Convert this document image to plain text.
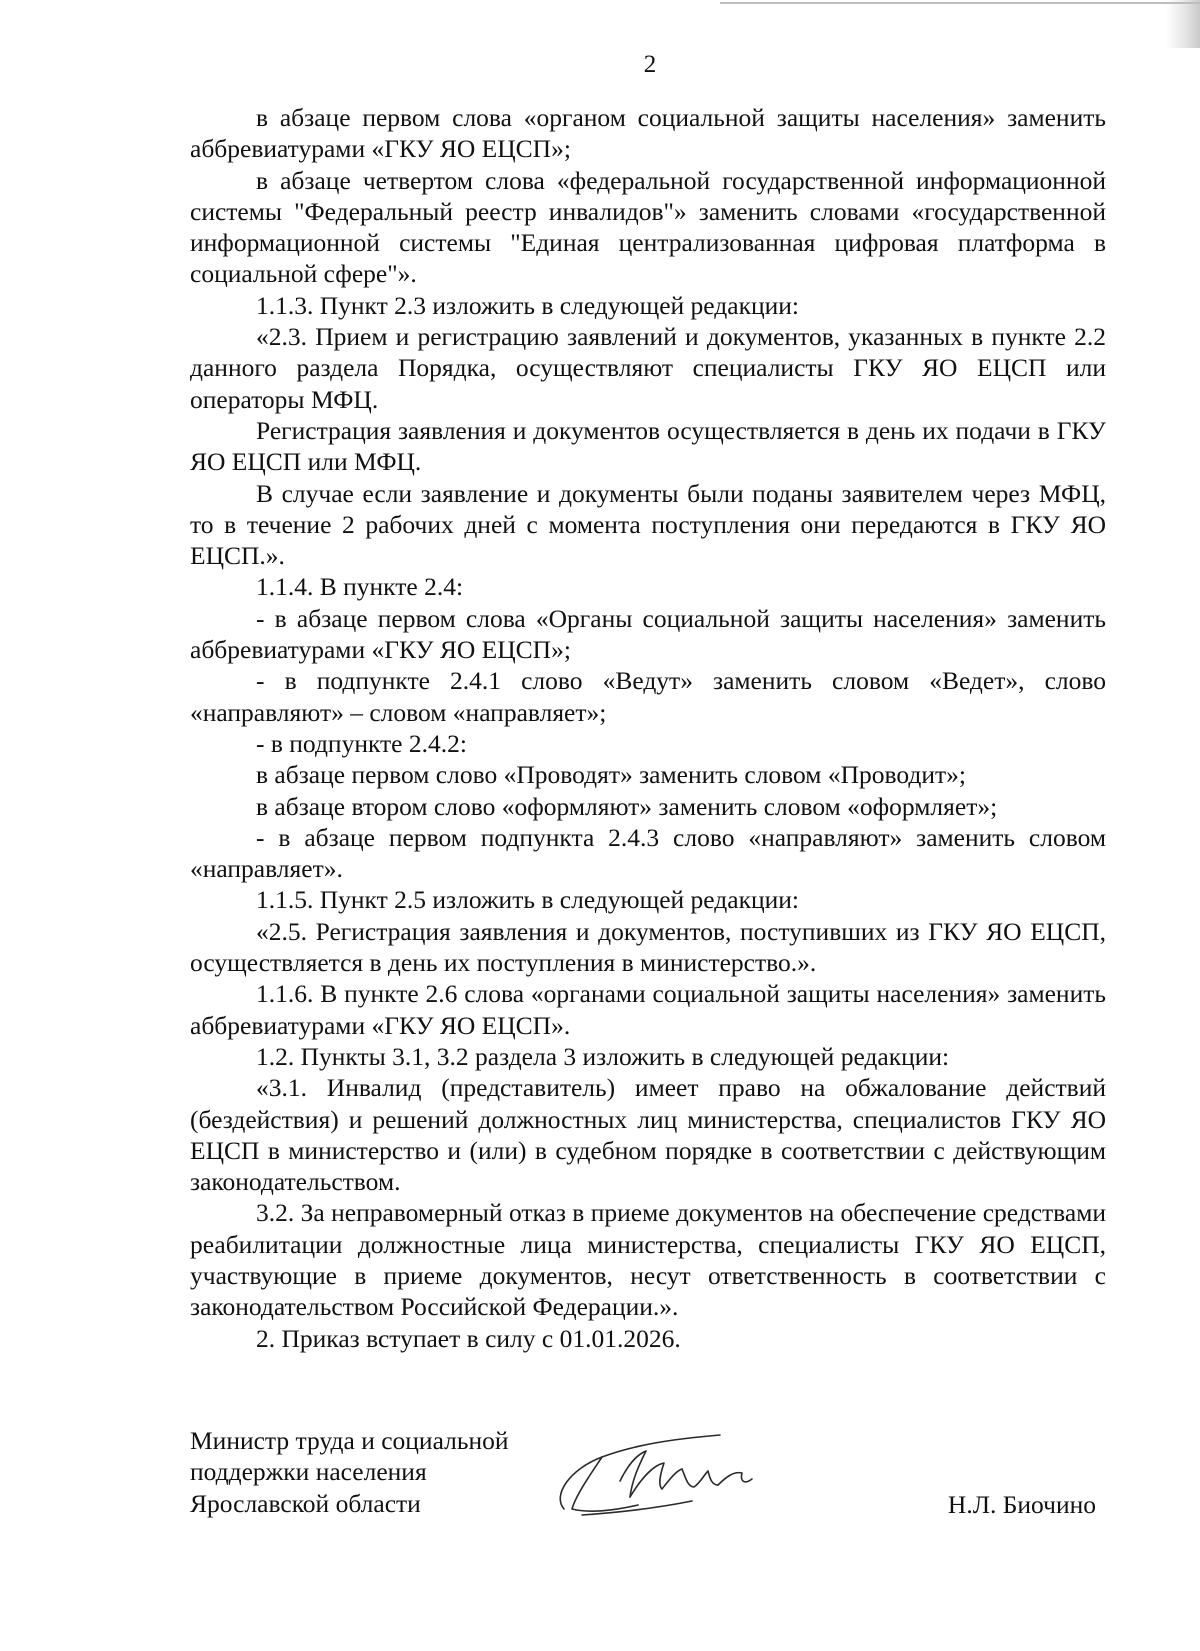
2

в абзаце первом слова «органом социальной защиты населения» заменить аббревиатурами «ГКУ ЯО ЕЦСП»;

в абзаце четвертом слова «федеральной государственной информационной системы "Федеральный реестр инвалидов"» заменить словами «государственной информационной системы "Единая централизованная цифровая платформа в социальной сфере"».

1.1.3. Пункт 2.3 изложить в следующей редакции:

«2.3. Прием и регистрацию заявлений и документов, указанных в пункте 2.2 данного раздела Порядка, осуществляют специалисты ГКУ ЯО ЕЦСП или операторы МФЦ.

Регистрация заявления и документов осуществляется в день их подачи в ГКУ ЯО ЕЦСП или МФЦ.

В случае если заявление и документы были поданы заявителем через МФЦ, то в течение 2 рабочих дней с момента поступления они передаются в ГКУ ЯО ЕЦСП.».

1.1.4. В пункте 2.4:

- в абзаце первом слова «Органы социальной защиты населения» заменить аббревиатурами «ГКУ ЯО ЕЦСП»;

- в подпункте 2.4.1 слово «Ведут» заменить словом «Ведет», слово «направляют» – словом «направляет»;

- в подпункте 2.4.2:

в абзаце первом слово «Проводят» заменить словом «Проводит»;

в абзаце втором слово «оформляют» заменить словом «оформляет»;

- в абзаце первом подпункта 2.4.3 слово «направляют» заменить словом «направляет».

1.1.5. Пункт 2.5 изложить в следующей редакции:

«2.5. Регистрация заявления и документов, поступивших из ГКУ ЯО ЕЦСП, осуществляется в день их поступления в министерство.».

1.1.6. В пункте 2.6 слова «органами социальной защиты населения» заменить аббревиатурами «ГКУ ЯО ЕЦСП».

1.2. Пункты 3.1, 3.2 раздела 3 изложить в следующей редакции:

«3.1. Инвалид (представитель) имеет право на обжалование действий (бездействия) и решений должностных лиц министерства, специалистов ГКУ ЯО ЕЦСП в министерство и (или) в судебном порядке в соответствии с действующим законодательством.

3.2. За неправомерный отказ в приеме документов на обеспечение средствами реабилитации должностные лица министерства, специалисты ГКУ ЯО ЕЦСП, участвующие в приеме документов, несут ответственность в соответствии с законодательством Российской Федерации.».

2. Приказ вступает в силу с 01.01.2026.

Министр труда и социальной
поддержки населения
Ярославской области	Н.Л. Биочино
